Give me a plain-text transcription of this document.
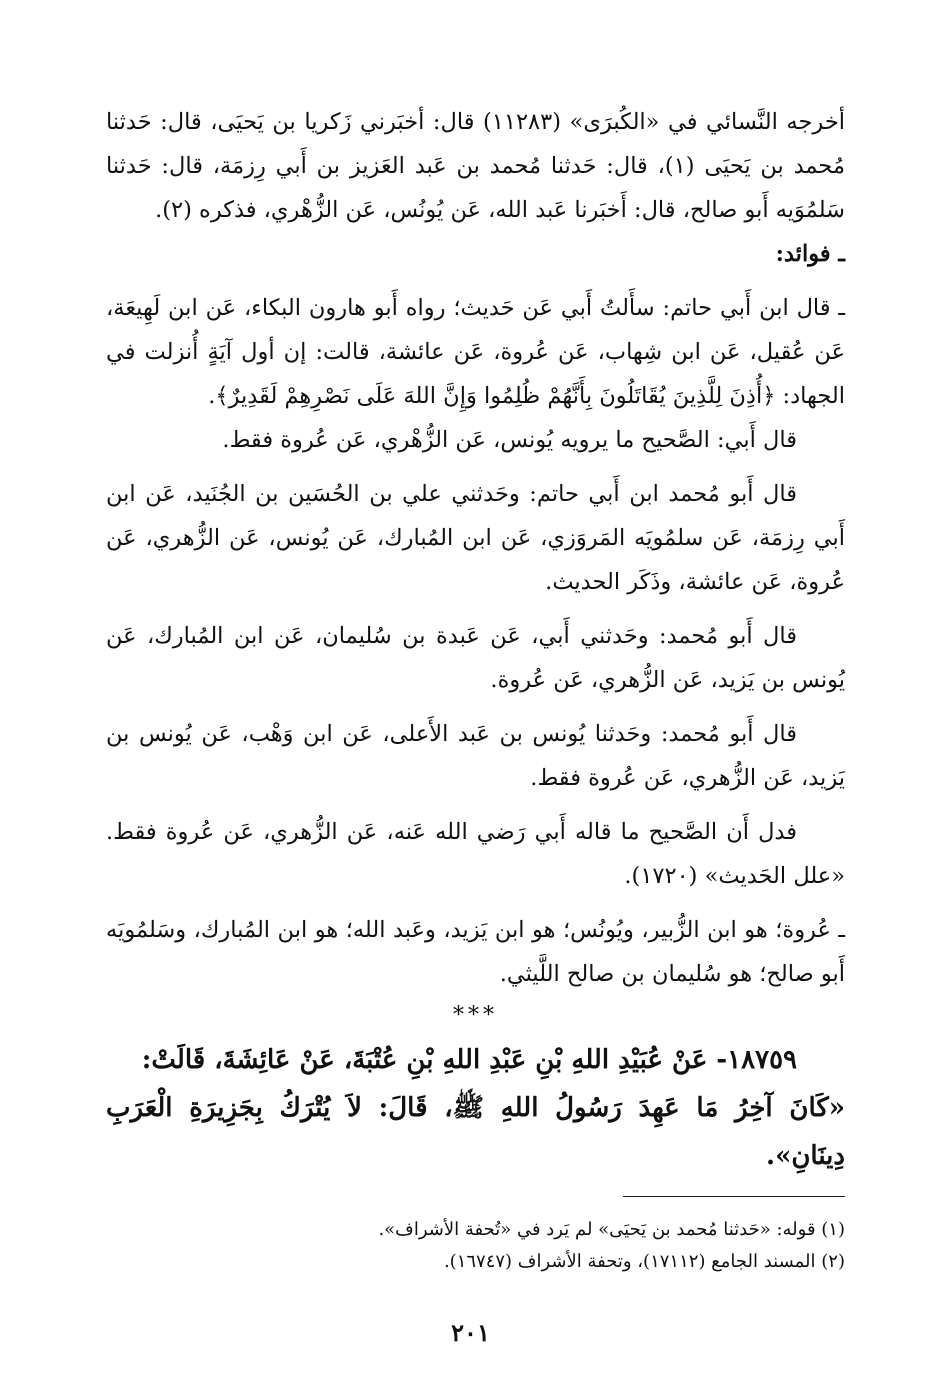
أخرجه النَّسائي في «الكُبرَى» (١١٢٨٣) قال: أخبَرني زَكريا بن يَحيَى، قال: حَدثنا مُحمد بن يَحيَى (١)، قال: حَدثنا مُحمد بن عَبد العَزيز بن أَبي رِزمَة، قال: حَدثنا سَلمُوَيه أَبو صالح، قال: أَخبَرنا عَبد الله، عَن يُونُس، عَن الزُّهْري، فذكره (٢).

ـ فوائد:

ـ قال ابن أَبي حاتم: سأَلتُ أَبي عَن حَديث؛ رواه أَبو هارون البكاء، عَن ابن لَهِيعَة، عَن عُقيل، عَن ابن شِهاب، عَن عُروة، عَن عائشة، قالت: إن أول آيَةٍ أُنزلت في الجهاد: ﴿أُذِنَ لِلَّذِينَ يُقَاتَلُونَ بِأَنَّهُمْ ظُلِمُوا وَإِنَّ اللهَ عَلَى نَصْرِهِمْ لَقَدِيرٌ﴾.

قال أَبي: الصَّحيح ما يرويه يُونس، عَن الزُّهْري، عَن عُروة فقط.

قال أَبو مُحمد ابن أَبي حاتم: وحَدثني علي بن الحُسَين بن الجُنَيد، عَن ابن أَبي رِزمَة، عَن سلمُويَه المَروَزي، عَن ابن المُبارك، عَن يُونس، عَن الزُّهري، عَن عُروة، عَن عائشة، وذَكَر الحديث.

قال أَبو مُحمد: وحَدثني أَبي، عَن عَبدة بن سُليمان، عَن ابن المُبارك، عَن يُونس بن يَزيد، عَن الزُّهري، عَن عُروة.

قال أَبو مُحمد: وحَدثنا يُونس بن عَبد الأَعلى، عَن ابن وَهْب، عَن يُونس بن يَزيد، عَن الزُّهري، عَن عُروة فقط.

فدل أَن الصَّحيح ما قاله أَبي رَضي الله عَنه، عَن الزُّهري، عَن عُروة فقط. «علل الحَديث» (١٧٢٠).

ـ عُروة؛ هو ابن الزُّبير، ويُونُس؛ هو ابن يَزيد، وعَبد الله؛ هو ابن المُبارك، وسَلمُويَه أَبو صالح؛ هو سُليمان بن صالح اللَّيثي.

***

١٨٧٥٩- عَنْ عُبَيْدِ اللهِ بْنِ عَبْدِ اللهِ بْنِ عُتْبَةَ، عَنْ عَائِشَةَ، قَالَتْ:

«كَانَ آخِرُ مَا عَهِدَ رَسُولُ اللهِ ﷺ، قَالَ: لاَ يُتْرَكُ بِجَزِيرَةِ الْعَرَبِ دِينَانِ».

(١) قوله: «حَدثنا مُحمد بن يَحيَى» لم يَرد في «تُحفة الأشراف».

(٢) المسند الجامع (١٧١١٢)، وتحفة الأشراف (١٦٧٤٧).

٢٠١
